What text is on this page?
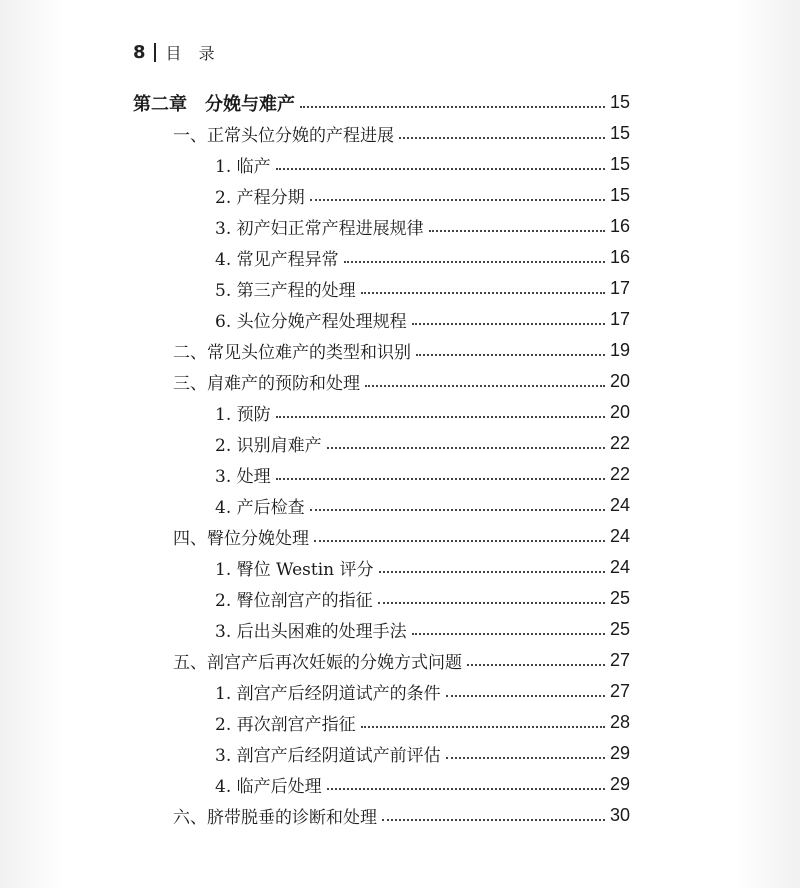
8 目 录
第二章　分娩与难产	15
一、正常头位分娩的产程进展	15
1. 临产	15
2. 产程分期	15
3. 初产妇正常产程进展规律	16
4. 常见产程异常	16
5. 第三产程的处理	17
6. 头位分娩产程处理规程	17
二、常见头位难产的类型和识别	19
三、肩难产的预防和处理	20
1. 预防	20
2. 识别肩难产	22
3. 处理	22
4. 产后检查	24
四、臀位分娩处理	24
1. 臀位 Westin 评分	24
2. 臀位剖宫产的指征	25
3. 后出头困难的处理手法	25
五、剖宫产后再次妊娠的分娩方式问题	27
1. 剖宫产后经阴道试产的条件	27
2. 再次剖宫产指征	28
3. 剖宫产后经阴道试产前评估	29
4. 临产后处理	29
六、脐带脱垂的诊断和处理	30
